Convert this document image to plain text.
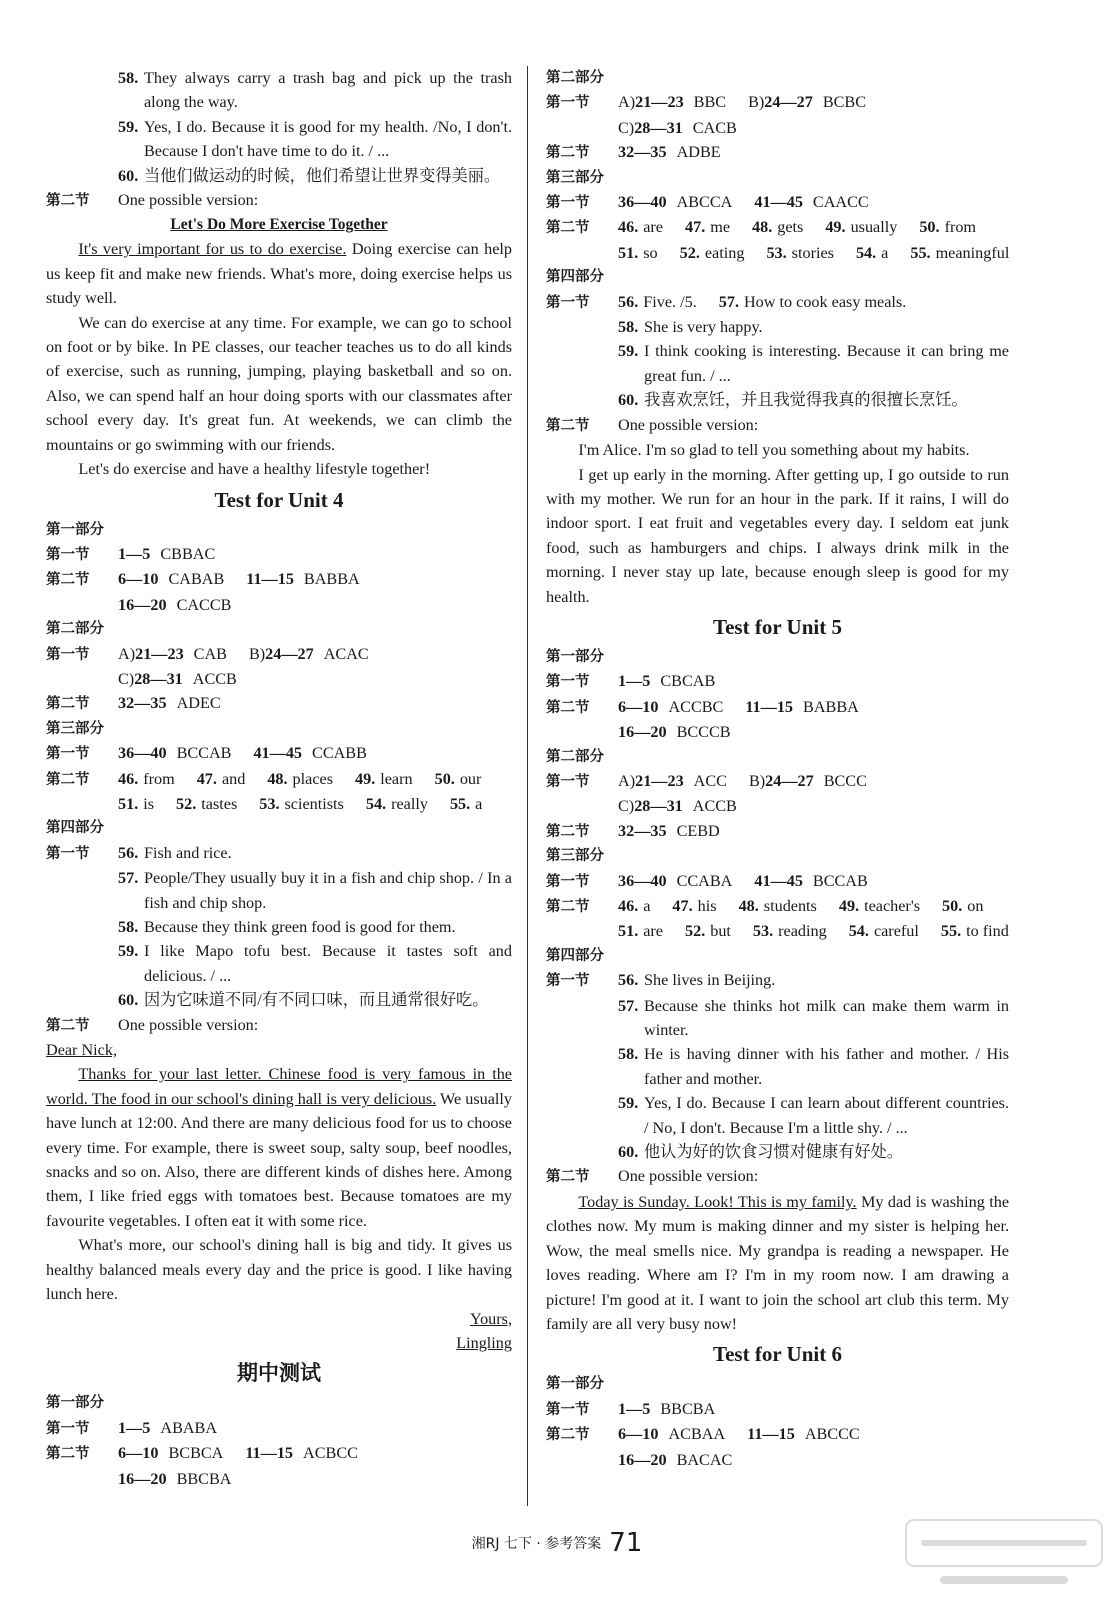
58. They always carry a trash bag and pick up the trash along the way.
59. Yes, I do. Because it is good for my health. /No, I don't. Because I don't have time to do it. / ...
60. 当他们做运动的时候，他们希望让世界变得美丽。
第二节	One possible version:
Let's Do More Exercise Together
It's very important for us to do exercise. Doing exercise can help us keep fit and make new friends. What's more, doing exercise helps us study well.
We can do exercise at any time. For example, we can go to school on foot or by bike. In PE classes, our teacher teaches us to do all kinds of exercise, such as running, jumping, playing basketball and so on. Also, we can spend half an hour doing sports with our classmates after school every day. It's great fun. At weekends, we can climb the mountains or go swimming with our friends.
Let's do exercise and have a healthy lifestyle together!
Test for Unit 4
第一部分
第一节	1—5 CBBAC
第二节	6—10 CABAB 11—15 BABBA
16—20 CACCB
第二部分
第一节	A)21—23 CAB B)24—27 ACAC
C)28—31 ACCB
第二节	32—35 ADEC
第三部分
第一节	36—40 BCCAB 41—45 CCABB
第二节	46. from 47. and 48. places 49. learn 50. our
51. is 52. tastes 53. scientists 54. really 55. a
第四部分
第一节	56. Fish and rice.
57. People/They usually buy it in a fish and chip shop. / In a fish and chip shop.
58. Because they think green food is good for them.
59. I like Mapo tofu best. Because it tastes soft and delicious. / ...
60. 因为它味道不同/有不同口味，而且通常很好吃。
第二节	One possible version:
Dear Nick,
Thanks for your last letter. Chinese food is very famous in the world. The food in our school's dining hall is very delicious. We usually have lunch at 12:00. And there are many delicious food for us to choose every time. For example, there is sweet soup, salty soup, beef noodles, snacks and so on. Also, there are different kinds of dishes here. Among them, I like fried eggs with tomatoes best. Because tomatoes are my favourite vegetables. I often eat it with some rice.
What's more, our school's dining hall is big and tidy. It gives us healthy balanced meals every day and the price is good. I like having lunch here.
Yours,
Lingling
期中测试
第一部分
第一节	1—5 ABABA
第二节	6—10 BCBCA 11—15 ACBCC
16—20 BBCBA
第二部分
第一节	A)21—23 BBC B)24—27 BCBC
C)28—31 CACB
第二节	32—35 ADBE
第三部分
第一节	36—40 ABCCA 41—45 CAACC
第二节	46. are 47. me 48. gets 49. usually 50. from
51. so 52. eating 53. stories 54. a 55. meaningful
第四部分
第一节	56. Five. /5. 57. How to cook easy meals.
58. She is very happy.
59. I think cooking is interesting. Because it can bring me great fun. / ...
60. 我喜欢烹饪，并且我觉得我真的很擅长烹饪。
第二节	One possible version:
I'm Alice. I'm so glad to tell you something about my habits.
I get up early in the morning. After getting up, I go outside to run with my mother. We run for an hour in the park. If it rains, I will do indoor sport. I eat fruit and vegetables every day. I seldom eat junk food, such as hamburgers and chips. I always drink milk in the morning. I never stay up late, because enough sleep is good for my health.
Test for Unit 5
第一部分
第一节	1—5 CBCAB
第二节	6—10 ACCBC 11—15 BABBA
16—20 BCCCB
第二部分
第一节	A)21—23 ACC B)24—27 BCCC
C)28—31 ACCB
第二节	32—35 CEBD
第三部分
第一节	36—40 CCABA 41—45 BCCAB
第二节	46. a 47. his 48. students 49. teacher's 50. on
51. are 52. but 53. reading 54. careful 55. to find
第四部分
第一节	56. She lives in Beijing.
57. Because she thinks hot milk can make them warm in winter.
58. He is having dinner with his father and mother. / His father and mother.
59. Yes, I do. Because I can learn about different countries. / No, I don't. Because I'm a little shy. / ...
60. 他认为好的饮食习惯对健康有好处。
第二节	One possible version:
Today is Sunday. Look! This is my family. My dad is washing the clothes now. My mum is making dinner and my sister is helping her. Wow, the meal smells nice. My grandpa is reading a newspaper. He loves reading. Where am I? I'm in my room now. I am drawing a picture! I'm good at it. I want to join the school art club this term. My family are all very busy now!
Test for Unit 6
第一部分
第一节	1—5 BBCBA
第二节	6—10 ACBAA 11—15 ABCCC
16—20 BACAC
湘RJ 七下 · 参考答案 71
